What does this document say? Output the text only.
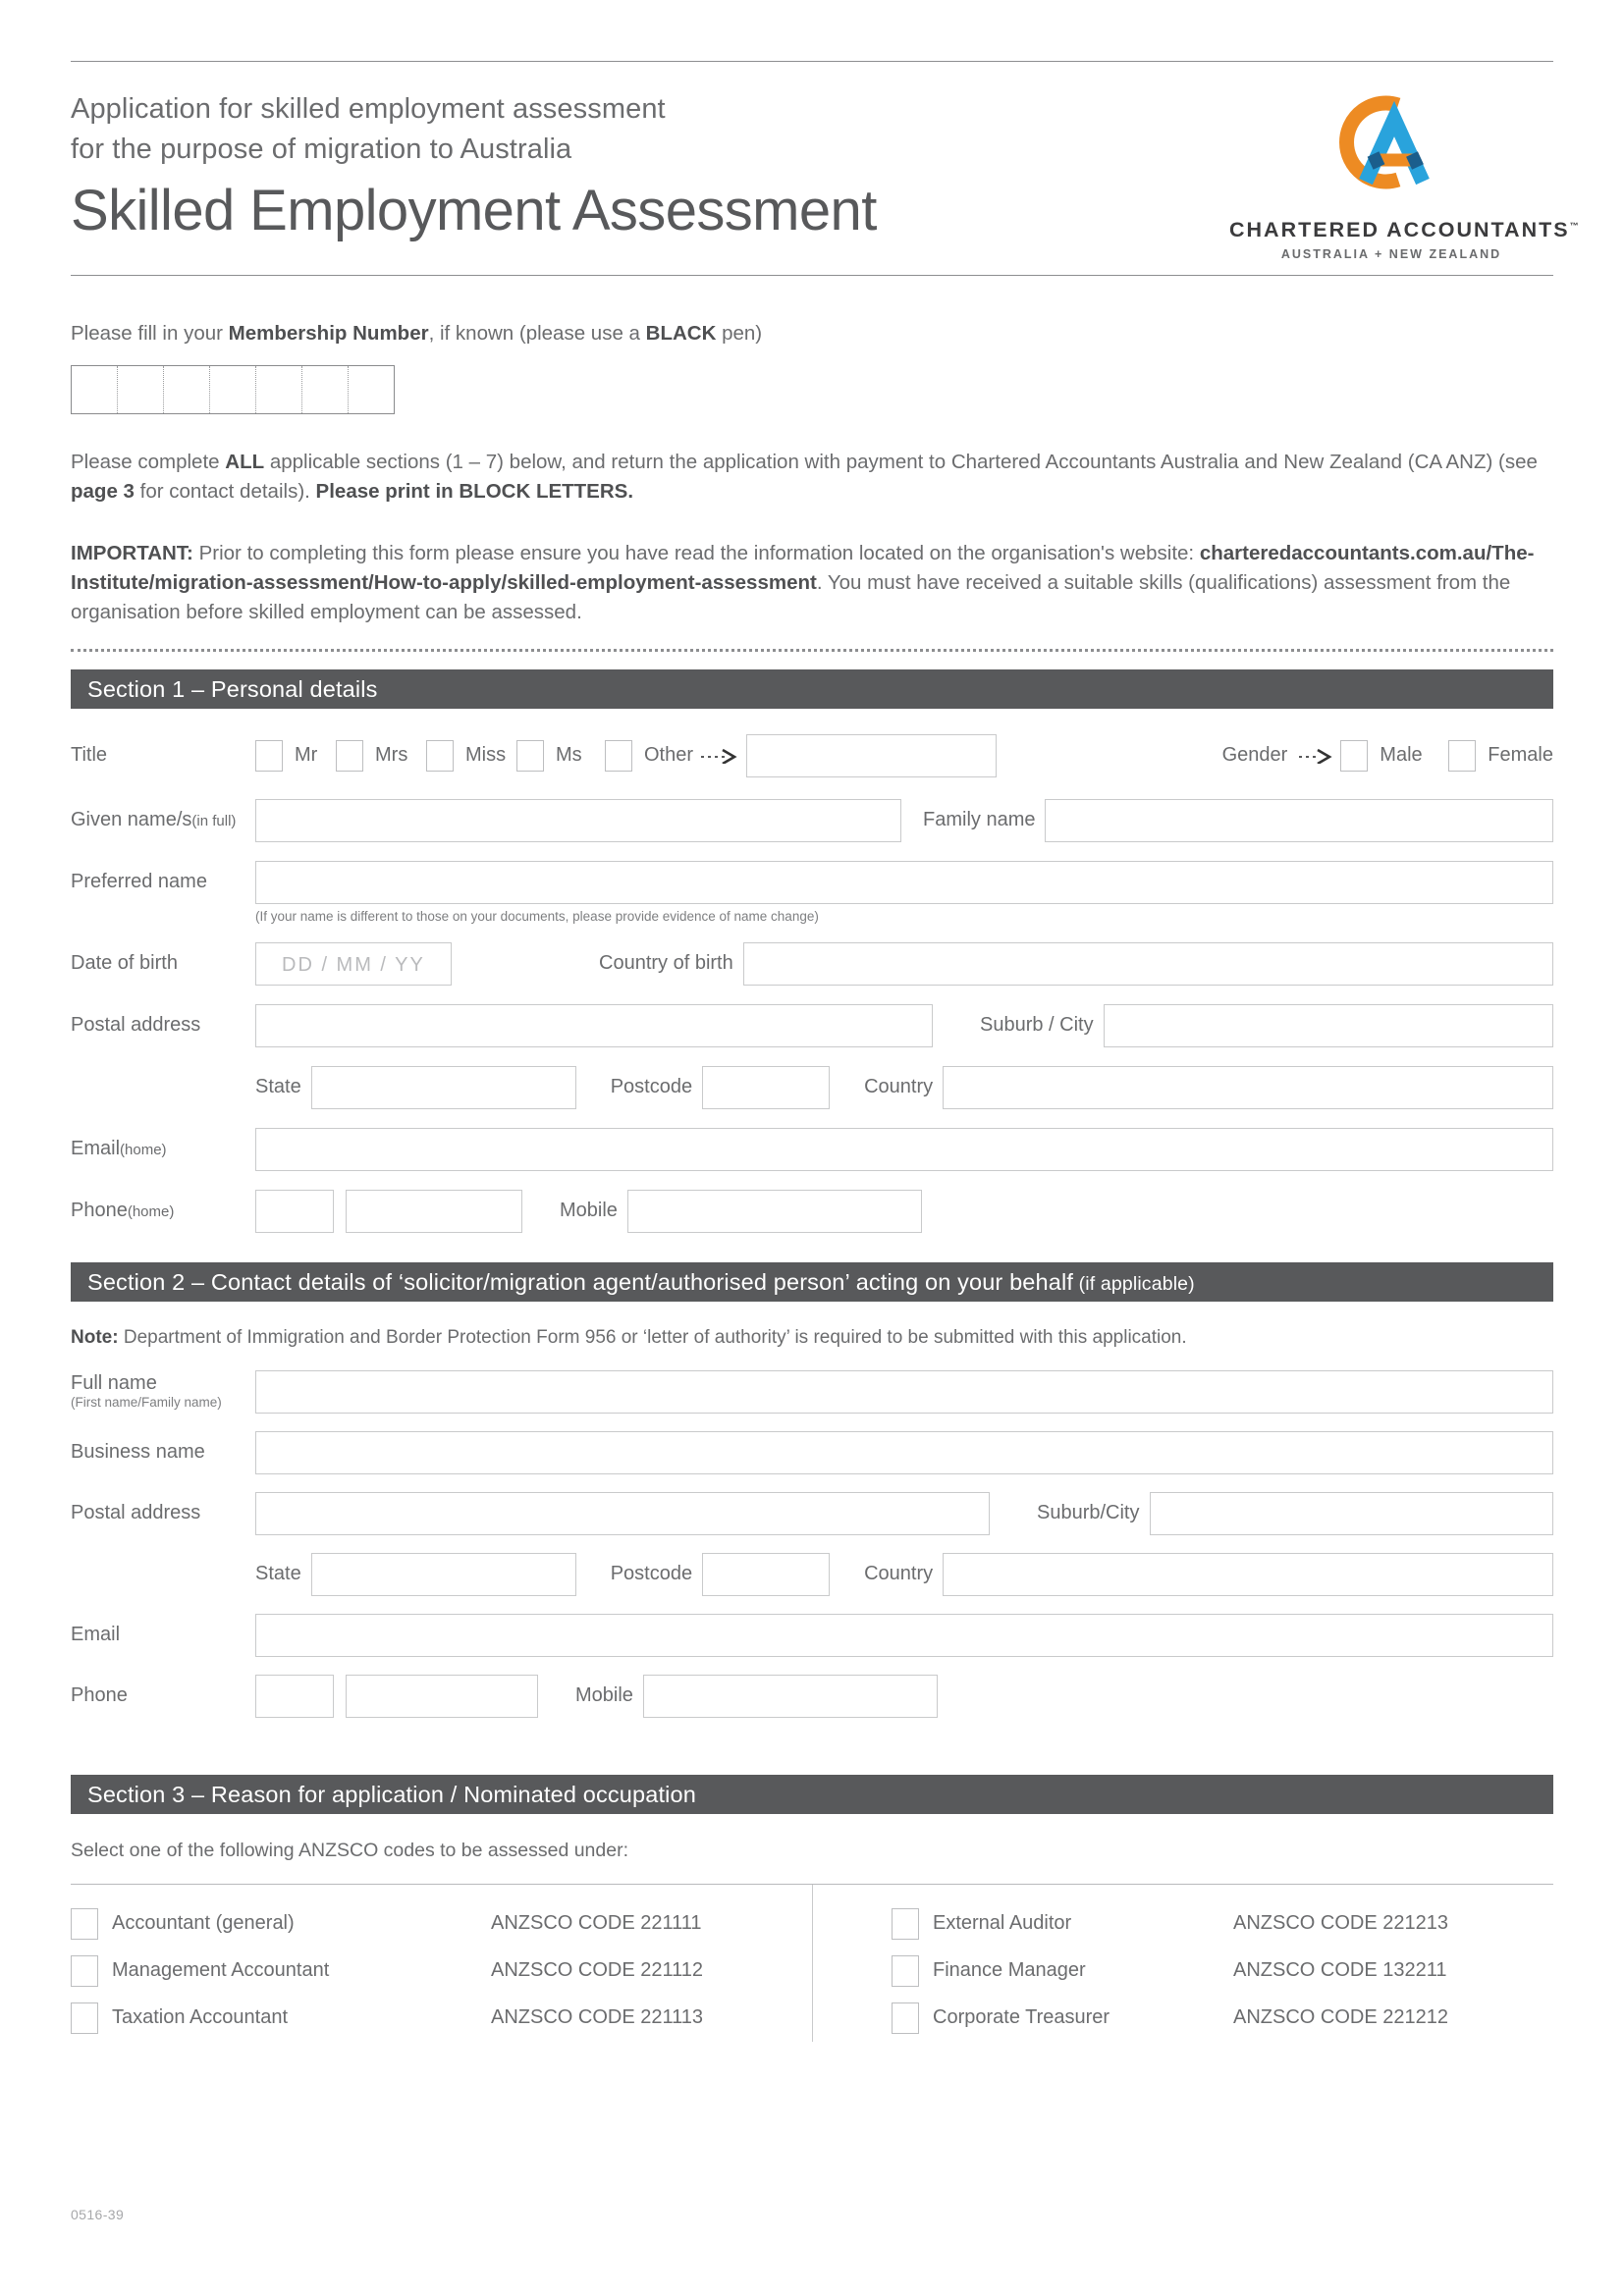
Application for skilled employment assessment
for the purpose of migration to Australia
Skilled Employment Assessment	CHARTERED ACCOUNTANTS™
AUSTRALIA + NEW ZEALAND

Please fill in your Membership Number, if known (please use a BLACK pen)

Please complete ALL applicable sections (1 – 7) below, and return the application with payment to Chartered Accountants Australia and New Zealand (CA ANZ) (see page 3 for contact details). Please print in BLOCK LETTERS.

IMPORTANT: Prior to completing this form please ensure you have read the information located on the organisation's website: charteredaccountants.com.au/The-Institute/migration-assessment/How-to-apply/skilled-employment-assessment. You must have received a suitable skills (qualifications) assessment from the organisation before skilled employment can be assessed.

Section 1 – Personal details
Title	Mr	Mrs	Miss	Ms	Other	Gender	Male	Female
Given name/s(in full)	Family name
Preferred name
(If your name is different to those on your documents, please provide evidence of name change)
Date of birth	DD / MM / YY	Country of birth
Postal address	Suburb / City
State	Postcode	Country
Email(home)
Phone(home)	Mobile
Section 2 – Contact details of ‘solicitor/migration agent/authorised person’ acting on your behalf (if applicable)

Note: Department of Immigration and Border Protection Form 956 or ‘letter of authority’ is required to be submitted with this application.

Full name
(First name/Family name)
Business name
Postal address	Suburb/City
State	Postcode	Country
Email
Phone	Mobile
Section 3 – Reason for application / Nominated occupation

Select one of the following ANZSCO codes to be assessed under:

Accountant (general)	ANZSCO CODE 221111
Management Accountant	ANZSCO CODE 221112
Taxation Accountant	ANZSCO CODE 221113
External Auditor	ANZSCO CODE 221213
Finance Manager	ANZSCO CODE 132211
Corporate Treasurer	ANZSCO CODE 221212
0516-39
